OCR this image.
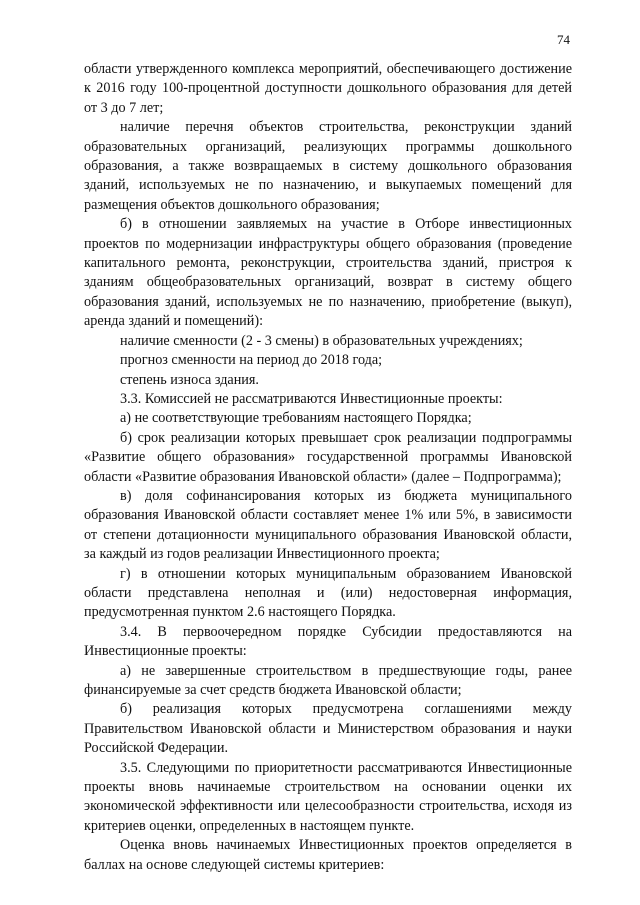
74

области утвержденного комплекса мероприятий, обеспечивающего достижение к 2016 году 100-процентной доступности дошкольного образования для детей от 3 до 7 лет;

наличие перечня объектов строительства, реконструкции зданий образовательных организаций, реализующих программы дошкольного образования, а также возвращаемых в систему дошкольного образования зданий, используемых не по назначению, и выкупаемых помещений для размещения объектов дошкольного образования;

б) в отношении заявляемых на участие в Отборе инвестиционных проектов по модернизации инфраструктуры общего образования (проведение капитального ремонта, реконструкции, строительства зданий, пристроя к зданиям общеобразовательных организаций, возврат в систему общего образования зданий, используемых не по назначению, приобретение (выкуп), аренда зданий и помещений):

наличие сменности (2 - 3 смены) в образовательных учреждениях;

прогноз сменности на период до 2018 года;

степень износа здания.

3.3. Комиссией не рассматриваются Инвестиционные проекты:

а) не соответствующие требованиям настоящего Порядка;

б) срок реализации которых превышает срок реализации подпрограммы «Развитие общего образования» государственной программы Ивановской области «Развитие образования Ивановской области» (далее – Подпрограмма);

в) доля софинансирования которых из бюджета муниципального образования Ивановской области составляет менее 1% или 5%, в зависимости от степени дотационности муниципального образования Ивановской области, за каждый из годов реализации Инвестиционного проекта;

г) в отношении которых муниципальным образованием Ивановской области представлена неполная и (или) недостоверная информация, предусмотренная пунктом 2.6 настоящего Порядка.

3.4. В первоочередном порядке Субсидии предоставляются на Инвестиционные проекты:

а) не завершенные строительством в предшествующие годы, ранее финансируемые за счет средств бюджета Ивановской области;

б) реализация которых предусмотрена соглашениями между Правительством Ивановской области и Министерством образования и науки Российской Федерации.

3.5. Следующими по приоритетности рассматриваются Инвестиционные проекты вновь начинаемые строительством на основании оценки их экономической эффективности или целесообразности строительства, исходя из критериев оценки, определенных в настоящем пункте.

Оценка вновь начинаемых Инвестиционных проектов определяется в баллах на основе следующей системы критериев:
